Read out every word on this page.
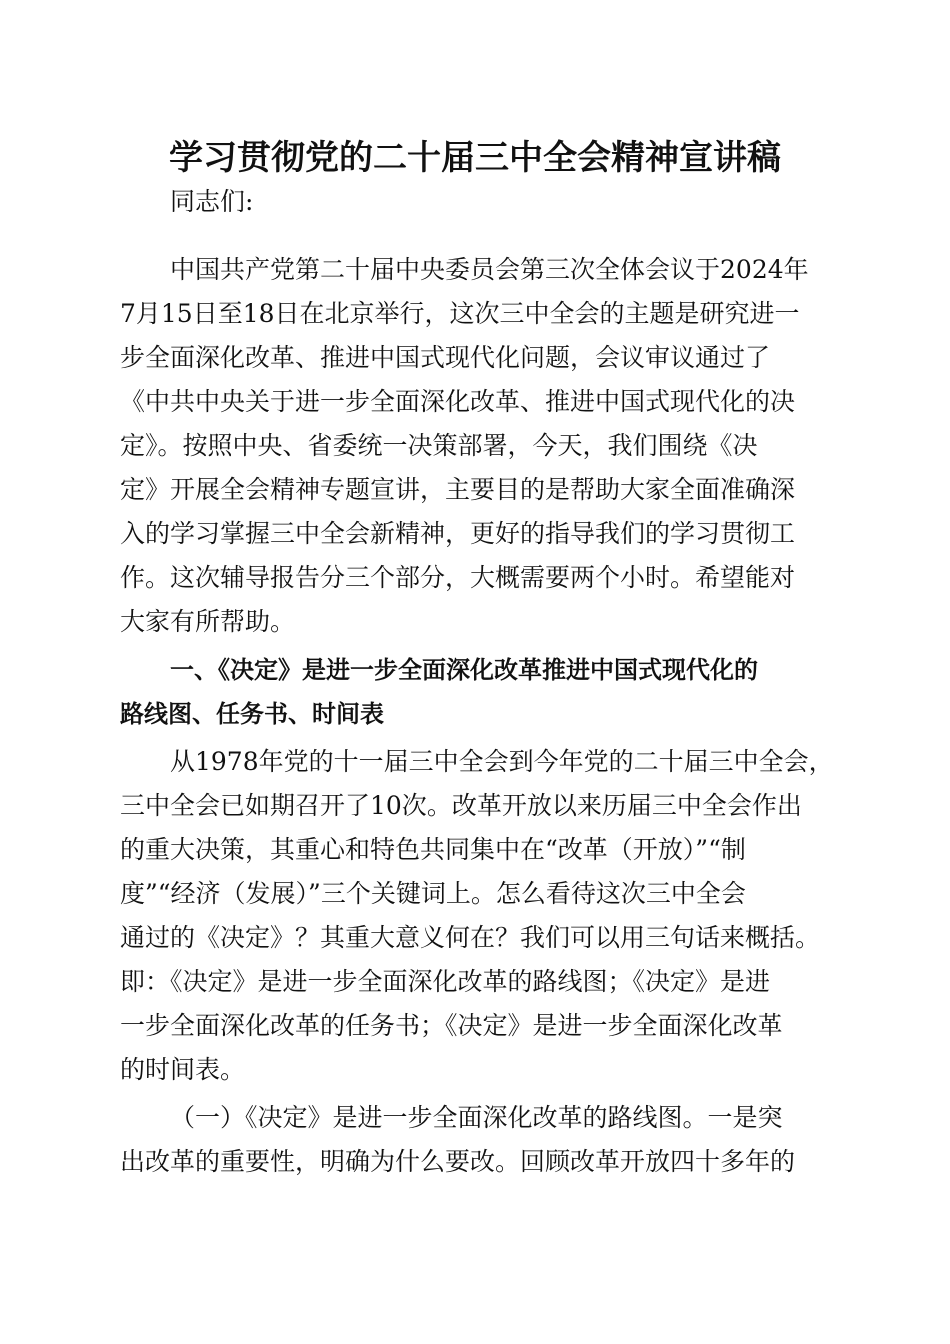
学习贯彻党的二十届三中全会精神宣讲稿
同志们:
中国共产党第二十届中央委员会第三次全体会议于2024年
7月15日至18日在北京举行，这次三中全会的主题是研究进一
步全面深化改革、推进中国式现代化问题，会议审议通过了
《中共中央关于进一步全面深化改革、推进中国式现代化的决
定》。按照中央、省委统一决策部署，今天，我们围绕《决
定》开展全会精神专题宣讲，主要目的是帮助大家全面准确深
入的学习掌握三中全会新精神，更好的指导我们的学习贯彻工
作。这次辅导报告分三个部分，大概需要两个小时。希望能对
大家有所帮助。
一、《决定》是进一步全面深化改革推进中国式现代化的
路线图、任务书、时间表
从1978年党的十一届三中全会到今年党的二十届三中全会，
三中全会已如期召开了10次。改革开放以来历届三中全会作出
的重大决策，其重心和特色共同集中在“改革（开放）”“制
度”“经济（发展）”三个关键词上。怎么看待这次三中全会
通过的《决定》？其重大意义何在？我们可以用三句话来概括。
即：《决定》是进一步全面深化改革的路线图；《决定》是进
一步全面深化改革的任务书；《决定》是进一步全面深化改革
的时间表。
（一）《决定》是进一步全面深化改革的路线图。一是突
出改革的重要性，明确为什么要改。回顾改革开放四十多年的
